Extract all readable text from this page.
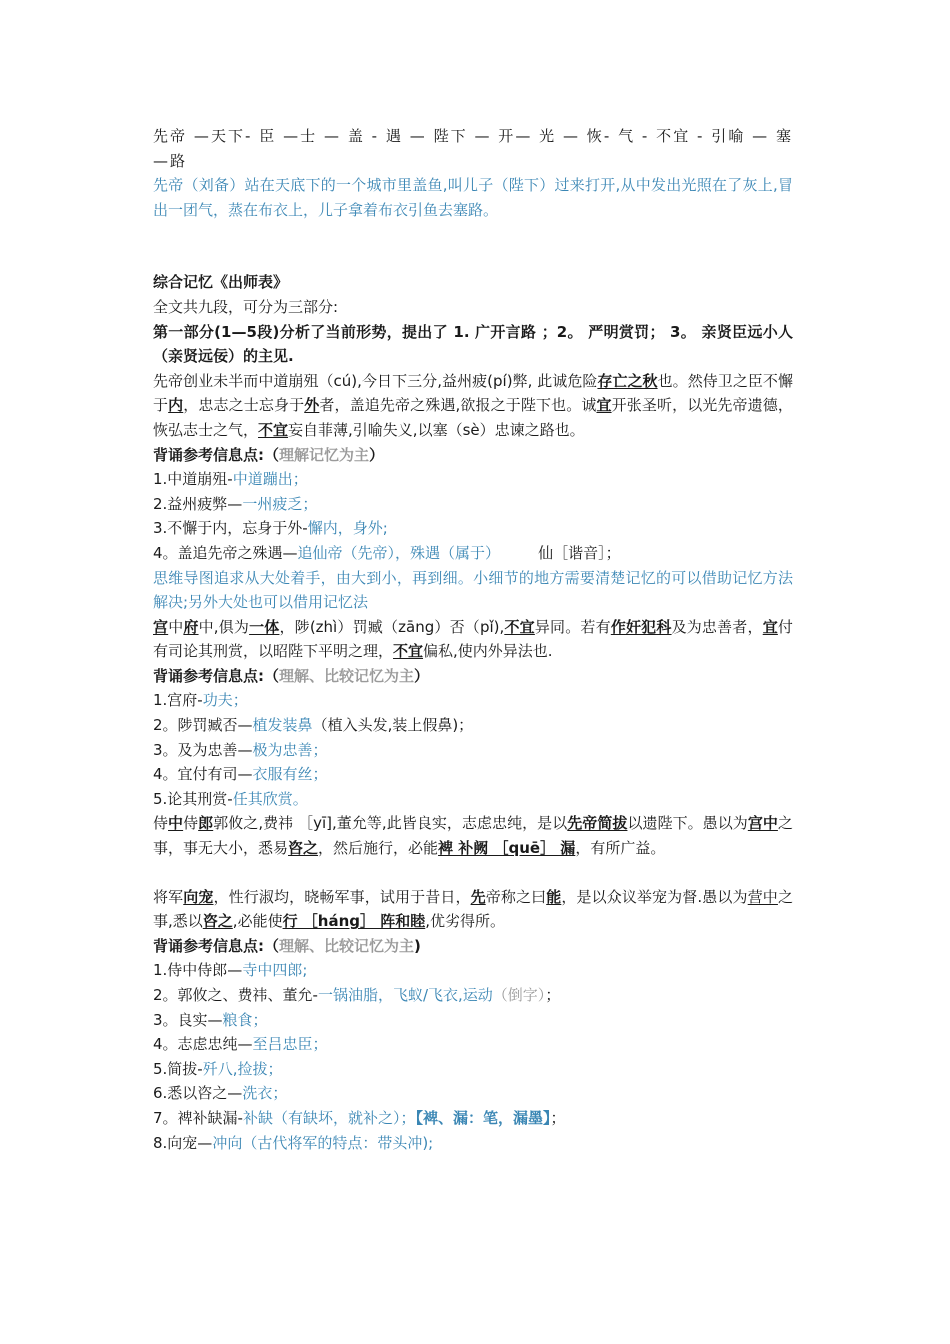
先帝 —天下- 臣 —士 — 盖 - 遇 — 陛下 — 开— 光 — 恢- 气 - 不宜 - 引喻 — 塞 —路

先帝（刘备）站在天底下的一个城市里盖鱼,叫儿子（陛下）过来打开,从中发出光照在了灰上,冒出一团气，蒸在布衣上，儿子拿着布衣引鱼去塞路。

综合记忆《出师表》

全文共九段，可分为三部分:

第一部分(1—5段)分析了当前形势，提出了 1. 广开言路 ；2。 严明赏罚； 3。 亲贤臣远小人（亲贤远佞）的主见.

先帝创业未半而中道崩殂（cú),今日下三分,益州疲(pí)弊, 此诚危险存亡之秋也。然侍卫之臣不懈于内，忠志之士忘身于外者，盖追先帝之殊遇,欲报之于陛下也。诚宜开张圣听，以光先帝遗德，恢弘志士之气，不宜妄自菲薄,引喻失义,以塞（sè）忠谏之路也。

背诵参考信息点:（理解记忆为主）

1.中道崩殂-中道蹦出；

2.益州疲弊—一州疲乏；

3.不懈于内，忘身于外-懈内，身外;

4。盖追先帝之殊遇—追仙帝（先帝），殊遇（属于）	仙［谐音］；

思维导图追求从大处着手，由大到小，再到细。小细节的地方需要清楚记忆的可以借助记忆方法解决;另外大处也可以借用记忆法

宫中府中,俱为一体，陟(zhì）罚臧（zāng）否（pǐ),不宜异同。若有作奸犯科及为忠善者，宜付有司论其刑赏，以昭陛下平明之理，不宜偏私,使内外异法也.

背诵参考信息点:（理解、比较记忆为主）

1.宫府-功夫；

2。陟罚臧否—植发装鼻（植入头发,装上假鼻)；

3。及为忠善—极为忠善；

4。宜付有司—衣服有丝；

5.论其刑赏-任其欣赏。

侍中侍郎郭攸之,费祎 ［yī],董允等,此皆良实，志虑忠纯，是以先帝简拔以遗陛下。愚以为宫中之事，事无大小，悉易咨之，然后施行，必能裨 补阙 ［quē］ 漏，有所广益。

将军向宠，性行淑均，晓畅军事，试用于昔日，先帝称之曰能，是以众议举宠为督.愚以为营中之事,悉以咨之,必能使行 ［háng］ 阵和睦,优劣得所。

背诵参考信息点:（理解、比较记忆为主)

1.侍中侍郎—寺中四郎;

2。郭攸之、费祎、董允-一锅油脂，飞蚁/飞衣,运动（倒字）；

3。良实—粮食；

4。志虑忠纯—至吕忠臣；

5.简拔-歼八,捡拔；

6.悉以咨之—洗衣；

7。裨补缺漏-补缺（有缺坏，就补之）；【裨、漏：笔，漏墨】；

8.向宠—冲向（古代将军的特点：带头冲);
